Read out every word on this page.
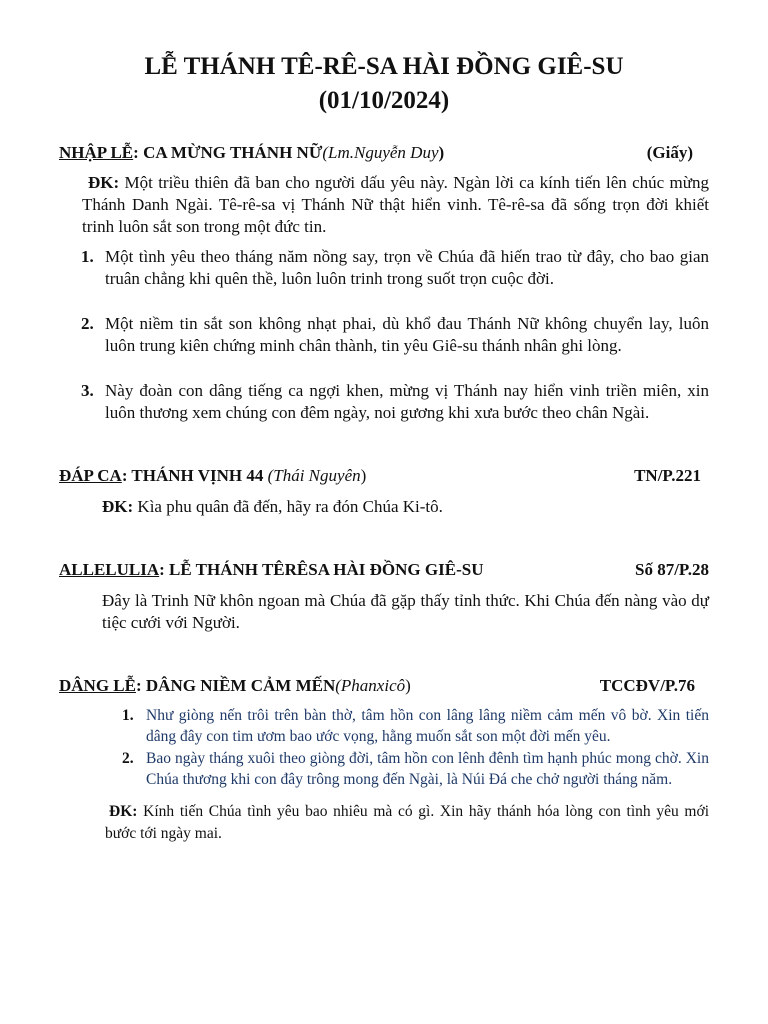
LỄ THÁNH TÊ-RÊ-SA HÀI ĐỒNG GIÊ-SU
(01/10/2024)
NHẬP LỄ: CA MỪNG THÁNH NỮ(Lm.Nguyễn Duy)	(Giấy)

ĐK: Một triều thiên đã ban cho người dấu yêu này. Ngàn lời ca kính tiến lên chúc mừng Thánh Danh Ngài. Tê-rê-sa vị Thánh Nữ thật hiển vinh. Tê-rê-sa đã sống trọn đời khiết trinh luôn sắt son trong một đức tin.

1. Một tình yêu theo tháng năm nồng say, trọn về Chúa đã hiến trao từ đây, cho bao gian truân chẳng khi quên thề, luôn luôn trinh trong suốt trọn cuộc đời.
2. Một niềm tin sắt son không nhạt phai, dù khổ đau Thánh Nữ không chuyển lay, luôn luôn trung kiên chứng minh chân thành, tin yêu Giê-su thánh nhân ghi lòng.
3. Này đoàn con dâng tiếng ca ngợi khen, mừng vị Thánh nay hiển vinh triền miên, xin luôn thương xem chúng con đêm ngày, noi gương khi xưa bước theo chân Ngài.
ĐÁP CA: THÁNH VỊNH 44 (Thái Nguyên)	TN/P.221

ĐK: Kìa phu quân đã đến, hãy ra đón Chúa Ki-tô.

ALLELULIA: LỄ THÁNH TÊRÊSA HÀI ĐỒNG GIÊ-SU	Số 87/P.28

Đây là Trinh Nữ khôn ngoan mà Chúa đã gặp thấy tỉnh thức. Khi Chúa đến nàng vào dự tiệc cưới với Người.

DÂNG LỄ: DÂNG NIỀM CẢM MẾN(Phanxicô)	TCCĐV/P.76
1. Như giòng nến trôi trên bàn thờ, tâm hồn con lâng lâng niềm cảm mến vô bờ. Xin tiến dâng đây con tim ươm bao ước vọng, hằng muốn sắt son một đời mến yêu.
2. Bao ngày tháng xuôi theo giòng đời, tâm hồn con lênh đênh tìm hạnh phúc mong chờ. Xin Chúa thương khi con đây trông mong đến Ngài, là Núi Đá che chở người tháng năm.

ĐK: Kính tiến Chúa tình yêu bao nhiêu mà có gì. Xin hãy thánh hóa lòng con tình yêu mới bước tới ngày mai.
